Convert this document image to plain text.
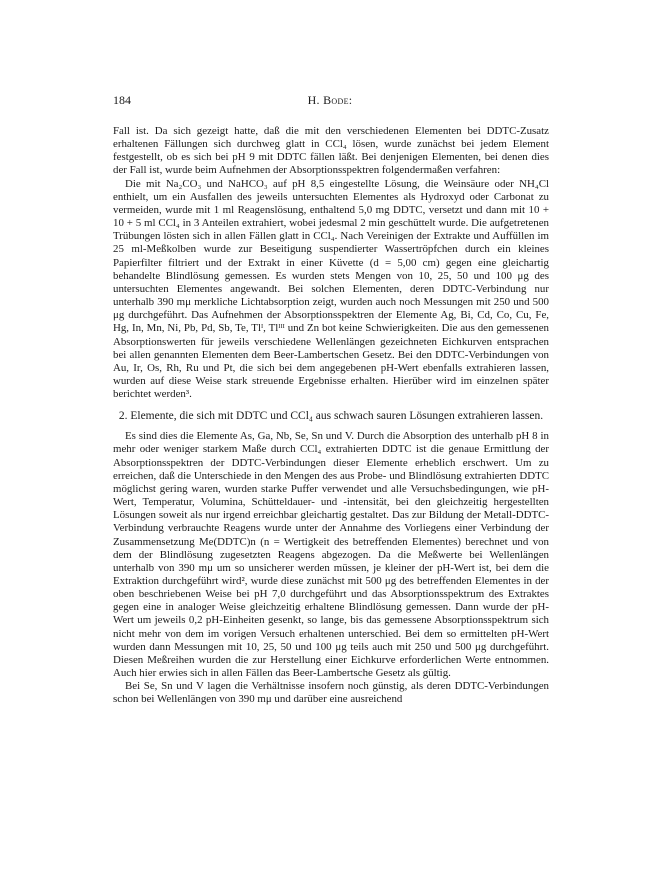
184	H. Bode:

Fall ist. Da sich gezeigt hatte, daß die mit den verschiedenen Elementen bei DDTC-Zusatz erhaltenen Fällungen sich durchweg glatt in CCl₄ lösen, wurde zunächst bei jedem Element festgestellt, ob es sich bei pH 9 mit DDTC fällen läßt. Bei denjenigen Elementen, bei denen dies der Fall ist, wurde beim Aufnehmen der Absorptionsspektren folgendermaßen verfahren:

Die mit Na₂CO₃ und NaHCO₃ auf pH 8,5 eingestellte Lösung, die Weinsäure oder NH₄Cl enthielt, um ein Ausfallen des jeweils untersuchten Elementes als Hydroxyd oder Carbonat zu vermeiden, wurde mit 1 ml Reagenslösung, enthaltend 5,0 mg DDTC, versetzt und dann mit 10 + 10 + 5 ml CCl₄ in 3 Anteilen extrahiert, wobei jedesmal 2 min geschüttelt wurde. Die aufgetretenen Trübungen lösten sich in allen Fällen glatt in CCl₄. Nach Vereinigen der Extrakte und Auffüllen im 25 ml-Meßkolben wurde zur Beseitigung suspendierter Wassertröpfchen durch ein kleines Papierfilter filtriert und der Extrakt in einer Küvette (d = 5,00 cm) gegen eine gleichartig behandelte Blindlösung gemessen. Es wurden stets Mengen von 10, 25, 50 und 100 μg des untersuchten Elementes angewandt. Bei solchen Elementen, deren DDTC-Verbindung nur unterhalb 390 mμ merkliche Lichtabsorption zeigt, wurden auch noch Messungen mit 250 und 500 μg durchgeführt. Das Aufnehmen der Absorptionsspektren der Elemente Ag, Bi, Cd, Co, Cu, Fe, Hg, In, Mn, Ni, Pb, Pd, Sb, Te, Tlᴵ, Tlᴵᴵᴵ und Zn bot keine Schwierigkeiten. Die aus den gemessenen Absorptionswerten für jeweils verschiedene Wellenlängen gezeichneten Eichkurven entsprachen bei allen genannten Elementen dem Beer-Lambertschen Gesetz. Bei den DDTC-Verbindungen von Au, Ir, Os, Rh, Ru und Pt, die sich bei dem angegebenen pH-Wert ebenfalls extrahieren lassen, wurden auf diese Weise stark streuende Ergebnisse erhalten. Hierüber wird im einzelnen später berichtet werden³.

2. Elemente, die sich mit DDTC und CCl₄ aus schwach sauren Lösungen extrahieren lassen.

Es sind dies die Elemente As, Ga, Nb, Se, Sn und V. Durch die Absorption des unterhalb pH 8 in mehr oder weniger starkem Maße durch CCl₄ extrahierten DDTC ist die genaue Ermittlung der Absorptionsspektren der DDTC-Verbindungen dieser Elemente erheblich erschwert. Um zu erreichen, daß die Unterschiede in den Mengen des aus Probe- und Blindlösung extrahierten DDTC möglichst gering waren, wurden starke Puffer verwendet und alle Versuchsbedingungen, wie pH-Wert, Temperatur, Volumina, Schütteldauer- und -intensität, bei den gleichzeitig hergestellten Lösungen soweit als nur irgend erreichbar gleichartig gestaltet. Das zur Bildung der Metall-DDTC-Verbindung verbrauchte Reagens wurde unter der Annahme des Vorliegens einer Verbindung der Zusammensetzung Me(DDTC)n (n = Wertigkeit des betreffenden Elementes) berechnet und von dem der Blindlösung zugesetzten Reagens abgezogen. Da die Meßwerte bei Wellenlängen unterhalb von 390 mμ um so unsicherer werden müssen, je kleiner der pH-Wert ist, bei dem die Extraktion durchgeführt wird², wurde diese zunächst mit 500 μg des betreffenden Elementes in der oben beschriebenen Weise bei pH 7,0 durchgeführt und das Absorptionsspektrum des Extraktes gegen eine in analoger Weise gleichzeitig erhaltene Blindlösung gemessen. Dann wurde der pH-Wert um jeweils 0,2 pH-Einheiten gesenkt, so lange, bis das gemessene Absorptionsspektrum sich nicht mehr von dem im vorigen Versuch erhaltenen unterschied. Bei dem so ermittelten pH-Wert wurden dann Messungen mit 10, 25, 50 und 100 μg teils auch mit 250 und 500 μg durchgeführt. Diesen Meßreihen wurden die zur Herstellung einer Eichkurve erforderlichen Werte entnommen. Auch hier erwies sich in allen Fällen das Beer-Lambertsche Gesetz als gültig.

Bei Se, Sn und V lagen die Verhältnisse insofern noch günstig, als deren DDTC-Verbindungen schon bei Wellenlängen von 390 mμ und darüber eine ausreichend
